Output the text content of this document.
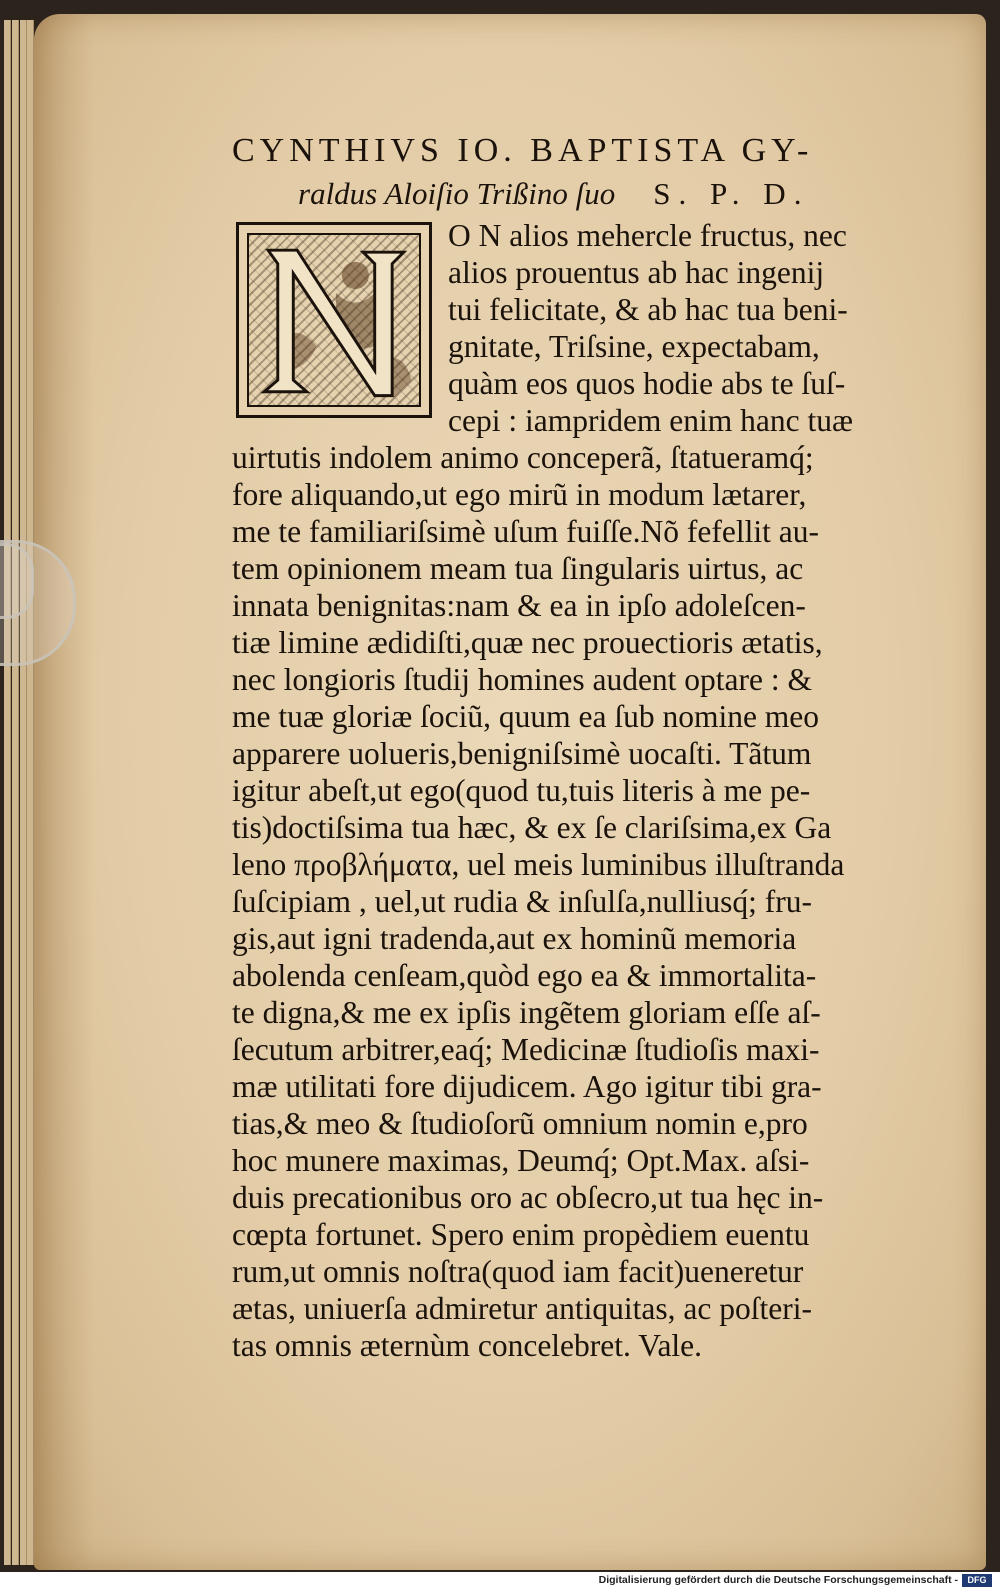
CYNTHIVS IO. BAPTISTA GY-
raldus Aloiſio Trißino ſuo S. P. D.
O N alios mehercle fructus, nec
alios prouentus ab hac ingenij
tui felicitate, & ab hac tua beni-
gnitate, Triſsine, expectabam,
quàm eos quos hodie abs te ſuſ-
cepi : iampridem enim hanc tuæ
uirtutis indolem animo conceperã, ſtatueramq́;
fore aliquando,ut ego mirũ in modum lætarer,
me te familiariſsimè uſum fuiſſe.Nõ fefellit au-
tem opinionem meam tua ſingularis uirtus, ac
innata benignitas:nam & ea in ipſo adoleſcen-
tiæ limine ædidiſti,quæ nec prouectioris ætatis,
nec longioris ſtudij homines audent optare : &
me tuæ gloriæ ſociũ, quum ea ſub nomine meo
apparere uolueris,benigniſsimè uocaſti. Tãtum
igitur abeſt,ut ego(quod tu,tuis literis à me pe-
tis)doctiſsima tua hæc, & ex ſe clariſsima,ex Ga
leno προβλήματα, uel meis luminibus illuſtranda
ſuſcipiam , uel,ut rudia & inſulſa,nulliusq́; fru-
gis,aut igni tradenda,aut ex hominũ memoria
abolenda cenſeam,quòd ego ea & immortalita-
te digna,& me ex ipſis ingẽtem gloriam eſſe aſ-
ſecutum arbitrer,eaq́; Medicinæ ſtudioſis maxi-
mæ utilitati fore dijudicem. Ago igitur tibi gra-
tias,& meo & ſtudioſorũ omnium nomin e,pro
hoc munere maximas, Deumq́; Opt.Max. aſsi-
duis precationibus oro ac obſecro,ut tua hęc in-
cœpta fortunet. Spero enim propèdiem euentu
rum,ut omnis noſtra(quod iam facit)ueneretur
ætas, uniuerſa admiretur antiquitas, ac poſteri-
tas omnis æternùm concelebret. Vale.
Digitalisierung gefördert durch die Deutsche Forschungsgemeinschaft -	DFG
